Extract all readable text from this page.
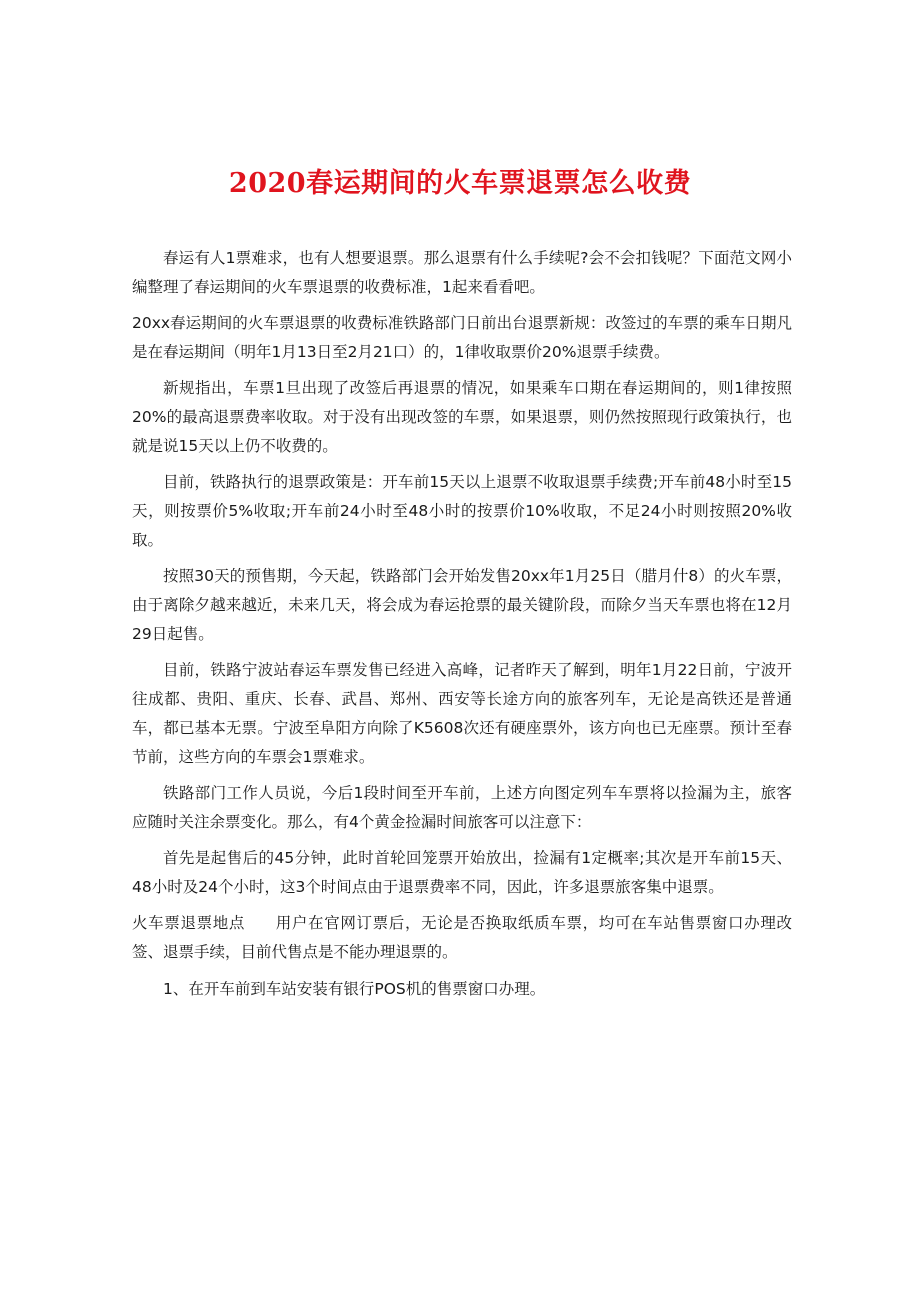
2020春运期间的火车票退票怎么收费

春运有人1票难求，也有人想要退票。那么退票有什么手续呢?会不会扣钱呢？下面范文网小编整理了春运期间的火车票退票的收费标准，1起来看看吧。

20xx春运期间的火车票退票的收费标准铁路部门日前出台退票新规：改签过的车票的乘车日期凡是在春运期间（明年1月13日至2月21口）的，1律收取票价20%退票手续费。

新规指出，车票1旦出现了改签后再退票的情况，如果乘车口期在春运期间的，则1律按照20%的最高退票费率收取。对于没有出现改签的车票，如果退票，则仍然按照现行政策执行，也就是说15天以上仍不收费的。

目前，铁路执行的退票政策是：开车前15天以上退票不收取退票手续费;开车前48小时至15天，则按票价5%收取;开车前24小时至48小时的按票价10%收取，不足24小时则按照20%收取。

按照30天的预售期，今天起，铁路部门会开始发售20xx年1月25日（腊月什8）的火车票，由于离除夕越来越近，未来几天，将会成为春运抢票的最关键阶段，而除夕当天车票也将在12月29日起售。

目前，铁路宁波站春运车票发售已经进入高峰，记者昨天了解到，明年1月22日前，宁波开往成都、贵阳、重庆、长春、武昌、郑州、西安等长途方向的旅客列车，无论是高铁还是普通车，都已基本无票。宁波至阜阳方向除了K5608次还有硬座票外，该方向也已无座票。预计至春节前，这些方向的车票会1票难求。

铁路部门工作人员说，今后1段时间至开车前，上述方向图定列车车票将以捡漏为主，旅客应随时关注余票变化。那么，有4个黄金捡漏时间旅客可以注意下：

首先是起售后的45分钟，此时首轮回笼票开始放出，捡漏有1定概率;其次是开车前15天、48小时及24个小时，这3个时间点由于退票费率不同，因此，许多退票旅客集中退票。

火车票退票地点 用户在官网订票后，无论是否换取纸质车票，均可在车站售票窗口办理改签、退票手续，目前代售点是不能办理退票的。

1、在开车前到车站安装有银行POS机的售票窗口办理。
